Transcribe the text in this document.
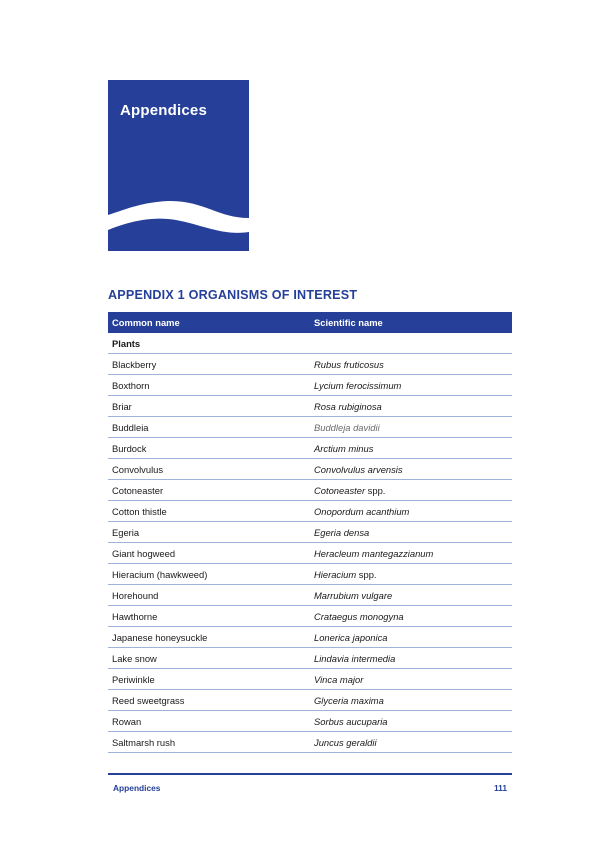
Appendices
APPENDIX 1 ORGANISMS OF INTEREST
Common name	Scientific name
Plants	
Blackberry	Rubus fruticosus
Boxthorn	Lycium ferocissimum
Briar	Rosa rubiginosa
Buddleia	Buddleja davidii
Burdock	Arctium minus
Convolvulus	Convolvulus arvensis
Cotoneaster	Cotoneaster spp.
Cotton thistle	Onopordum acanthium
Egeria	Egeria densa
Giant hogweed	Heracleum mantegazzianum
Hieracium (hawkweed)	Hieracium spp.
Horehound	Marrubium vulgare
Hawthorne	Crataegus monogyna
Japanese honeysuckle	Lonerica japonica
Lake snow	Lindavia intermedia
Periwinkle	Vinca major
Reed sweetgrass	Glyceria maxima
Rowan	Sorbus aucuparia
Saltmarsh rush	Juncus geraldii
Appendices	111
